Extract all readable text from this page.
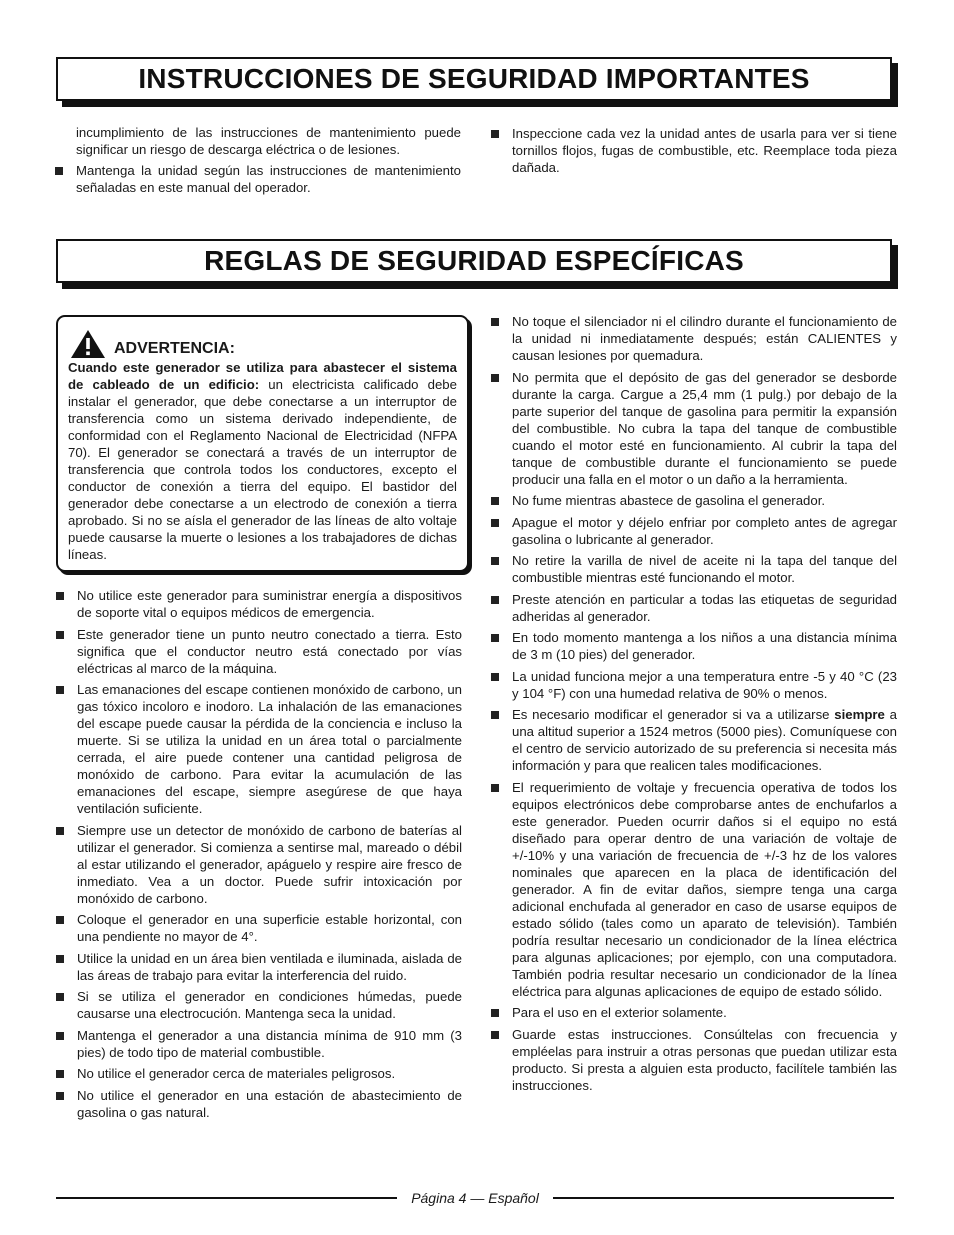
INSTRUCCIONES DE SEGURIDAD IMPORTANTES

incumplimiento de las instrucciones de mantenimiento puede significar un riesgo de descarga eléctrica o de lesiones.

Mantenga la unidad según las instrucciones de mantenimiento señaladas en este manual del operador.
Inspeccione cada vez la unidad antes de usarla para ver si tiene tornillos flojos, fugas de combustible, etc. Reemplace toda pieza dañada.
REGLAS DE SEGURIDAD ESPECÍFICAS
ADVERTENCIA:

Cuando este generador se utiliza para abastecer el sistema de cableado de un edificio: un electricista calificado debe instalar el generador, que debe conectarse a un interruptor de transferencia como un sistema derivado independiente, de conformidad con el Reglamento Nacional de Electricidad (NFPA 70). El generador se conectará a través de un interruptor de transferencia que controla todos los conductores, excepto el conductor de conexión a tierra del equipo. El bastidor del generador debe conectarse a un electrodo de conexión a tierra aprobado. Si no se aísla el generador de las líneas de alto voltaje puede causarse la muerte o lesiones a los trabajadores de dichas líneas.

No utilice este generador para suministrar energía a dispositivos de soporte vital o equipos médicos de emergencia.
Este generador tiene un punto neutro conectado a tierra. Esto significa que el conductor neutro está conectado por vías eléctricas al marco de la máquina.
Las emanaciones del escape contienen monóxido de carbono, un gas tóxico incoloro e inodoro. La inhalación de las emanaciones del escape puede causar la pérdida de la conciencia e incluso la muerte. Si se utiliza la unidad en un área total o parcialmente cerrada, el aire puede contener una cantidad peligrosa de monóxido de carbono. Para evitar la acumulación de las emanaciones del escape, siempre asegúrese de que haya ventilación suficiente.
Siempre use un detector de monóxido de carbono de baterías al utilizar el generador. Si comienza a sentirse mal, mareado o débil al estar utilizando el generador, apáguelo y respire aire fresco de inmediato. Vea a un doctor. Puede sufrir intoxicación por monóxido de carbono.
Coloque el generador en una superficie estable horizontal, con una pendiente no mayor de 4°.
Utilice la unidad en un área bien ventilada e iluminada, aislada de las áreas de trabajo para evitar la interferencia del ruido.
Si se utiliza el generador en condiciones húmedas, puede causarse una electrocución. Mantenga seca la unidad.
Mantenga el generador a una distancia mínima de 910 mm (3 pies) de todo tipo de material combustible.
No utilice el generador cerca de materiales peligrosos.
No utilice el generador en una estación de abastecimiento de gasolina o gas natural.
No toque el silenciador ni el cilindro durante el funcionamiento de la unidad ni inmediatamente después; están CALIENTES y causan lesiones por quemadura.
No permita que el depósito de gas del generador se desborde durante la carga. Cargue a 25,4 mm (1 pulg.) por debajo de la parte superior del tanque de gasolina para permitir la expansión del combustible. No cubra la tapa del tanque de combustible cuando el motor esté en funcionamiento. Al cubrir la tapa del tanque de combustible durante el funcionamiento se puede producir una falla en el motor o un daño a la herramienta.
No fume mientras abastece de gasolina el generador.
Apague el motor y déjelo enfriar por completo antes de agregar gasolina o lubricante al generador.
No retire la varilla de nivel de aceite ni la tapa del tanque del combustible mientras esté funcionando el motor.
Preste atención en particular a todas las etiquetas de seguridad adheridas al generador.
En todo momento mantenga a los niños a una distancia mínima de 3 m (10 pies) del generador.
La unidad funciona mejor a una temperatura entre -5 y 40 °C (23 y 104 °F) con una humedad relativa de 90% o menos.
Es necesario modificar el generador si va a utilizarse siempre a una altitud superior a 1524 metros (5000 pies). Comuníquese con el centro de servicio autorizado de su preferencia si necesita más información y para que realicen tales modificaciones.
El requerimiento de voltaje y frecuencia operativa de todos los equipos electrónicos debe comprobarse antes de enchufarlos a este generador. Pueden ocurrir daños si el equipo no está diseñado para operar dentro de una variación de voltaje de +/-10% y una variación de frecuencia de +/-3 hz de los valores nominales que aparecen en la placa de identificación del generador. A fin de evitar daños, siempre tenga una carga adicional enchufada al generador en caso de usarse equipos de estado sólido (tales como un aparato de televisión). También podría resultar necesario un condicionador de la línea eléctrica para algunas aplicaciones; por ejemplo, con una computadora. También podria resultar necesario un condicionador de la línea eléctrica para algunas aplicaciones de equipo de estado sólido.
Para el uso en el exterior solamente.
Guarde estas instrucciones. Consúltelas con frecuencia y empléelas para instruir a otras personas que puedan utilizar esta producto. Si presta a alguien esta producto, facilítele también las instrucciones.
Página 4 — Español
